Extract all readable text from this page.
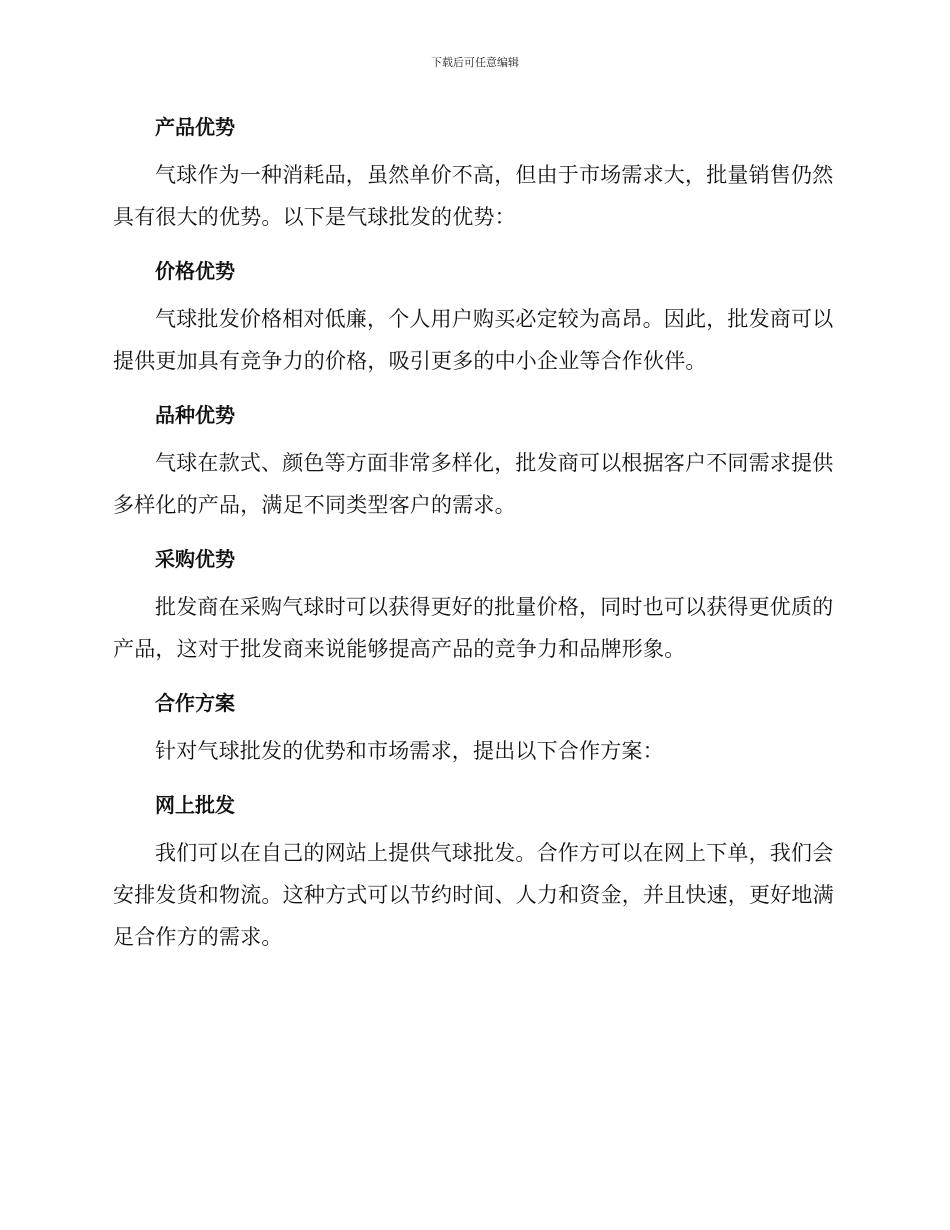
下载后可任意编辑
产品优势

气球作为一种消耗品，虽然单价不高，但由于市场需求大，批量销售仍然具有很大的优势。以下是气球批发的优势：

价格优势

气球批发价格相对低廉，个人用户购买必定较为高昂。因此，批发商可以提供更加具有竞争力的价格，吸引更多的中小企业等合作伙伴。

品种优势

气球在款式、颜色等方面非常多样化，批发商可以根据客户不同需求提供多样化的产品，满足不同类型客户的需求。

采购优势

批发商在采购气球时可以获得更好的批量价格，同时也可以获得更优质的产品，这对于批发商来说能够提高产品的竞争力和品牌形象。

合作方案

针对气球批发的优势和市场需求，提出以下合作方案：

网上批发

我们可以在自己的网站上提供气球批发。合作方可以在网上下单，我们会安排发货和物流。这种方式可以节约时间、人力和资金，并且快速，更好地满足合作方的需求。
